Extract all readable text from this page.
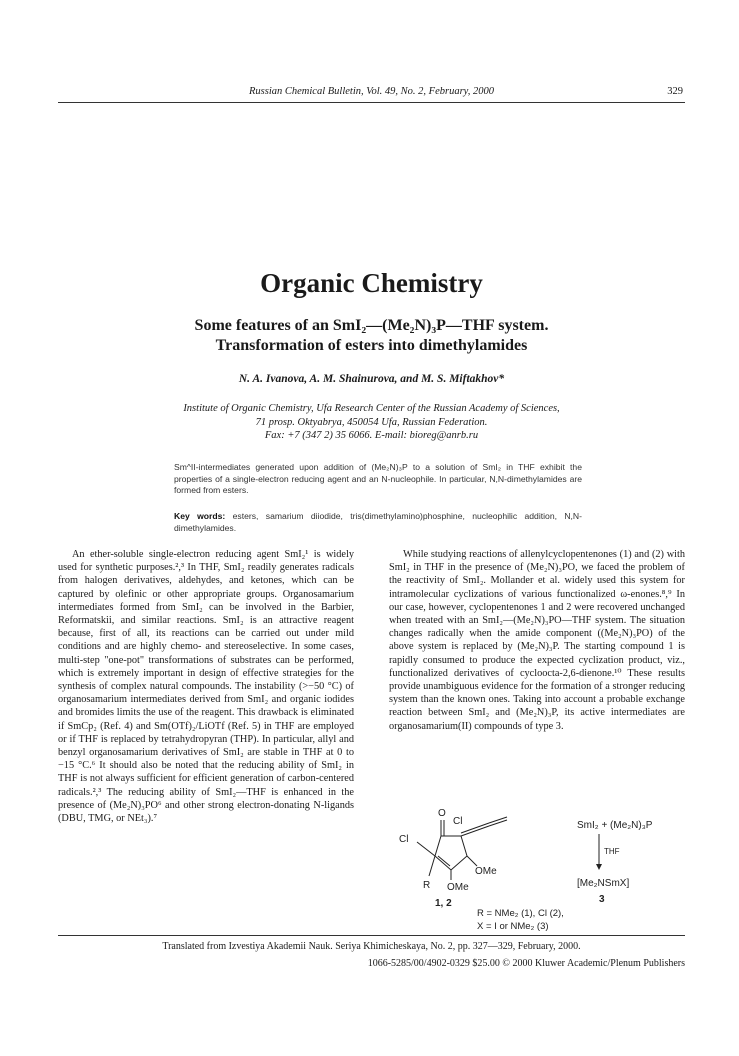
Russian Chemical Bulletin, Vol. 49, No. 2, February, 2000	329
Organic Chemistry
Some features of an SmI₂—(Me₂N)₃P—THF system.
Transformation of esters into dimethylamides
N. A. Ivanova, A. M. Shainurova, and M. S. Miftakhov*
Institute of Organic Chemistry, Ufa Research Center of the Russian Academy of Sciences,
71 prosp. Oktyabrya, 450054 Ufa, Russian Federation.
Fax: +7 (347 2) 35 6066. E-mail: bioreg@anrb.ru
Sm^II-intermediates generated upon addition of (Me₂N)₃P to a solution of SmI₂ in THF exhibit the properties of a single-electron reducing agent and an N-nucleophile. In particular, N,N-dimethylamides are formed from esters.
Key words: esters, samarium diiodide, tris(dimethylamino)phosphine, nucleophilic addition, N,N-dimethylamides.

An ether-soluble single-electron reducing agent SmI₂¹ is widely used for synthetic purposes.²,³ In THF, SmI₂ readily generates radicals from halogen derivatives, aldehydes, and ketones, which can be captured by olefinic or other appropriate groups. Organosamarium intermediates formed from SmI₂ can be involved in the Barbier, Reformatskii, and similar reactions. SmI₂ is an attractive reagent because, first of all, its reactions can be carried out under mild conditions and are highly chemo- and stereoselective. In some cases, multi-step "one-pot" transformations of substrates can be performed, which is extremely important in design of effective strategies for the synthesis of complex natural compounds. The instability (>−50 °C) of organosamarium intermediates derived from SmI₂ and organic iodides and bromides limits the use of the reagent. This drawback is eliminated if SmCp₂ (Ref. 4) and Sm(OTf)₂/LiOTf (Ref. 5) in THF are employed or if THF is replaced by tetrahydropyran (THP). In particular, allyl and benzyl organosamarium derivatives of SmI₂ are stable in THF at 0 to −15 °C.⁶ It should also be noted that the reducing ability of SmI₂ in THF is not always sufficient for efficient generation of carbon-centered radicals.²,³ The reducing ability of SmI₂—THF is enhanced in the presence of (Me₂N)₃PO⁶ and other strong electron-donating N-ligands (DBU, TMG, or NEt₃).⁷

While studying reactions of allenylcyclopentenones (1) and (2) with SmI₂ in THF in the presence of (Me₂N)₃PO, we faced the problem of the reactivity of SmI₂. Mollander et al. widely used this system for intramolecular cyclizations of various functionalized ω-enones.⁸,⁹ In our case, however, cyclopentenones 1 and 2 were recovered unchanged when treated with an SmI₂—(Me₂N)₃PO—THF system. The situation changes radically when the amide component ((Me₂N)₃PO) of the above system is replaced by (Me₂N)₃P. The starting compound 1 is rapidly consumed to produce the expected cyclization product, viz., functionalized derivatives of cycloocta-2,6-dienone.¹⁰ These results provide unambiguous evidence for the formation of a stronger reducing system than the known ones. Taking into account a probable exchange reaction between SmI₂ and (Me₂N)₃P, its active intermediates are organosamarium(II) compounds of type 3.

O
Cl
Cl
R
OMe
OMe
1, 2
SmI₂ + (Me₂N)₃P
THF
[Me₂NSmX]
3
R = NMe₂ (1), Cl (2),
X = I or NMe₂ (3)
Translated from Izvestiya Akademii Nauk. Seriya Khimicheskaya, No. 2, pp. 327—329, February, 2000.
1066-5285/00/4902-0329 $25.00 © 2000 Kluwer Academic/Plenum Publishers
